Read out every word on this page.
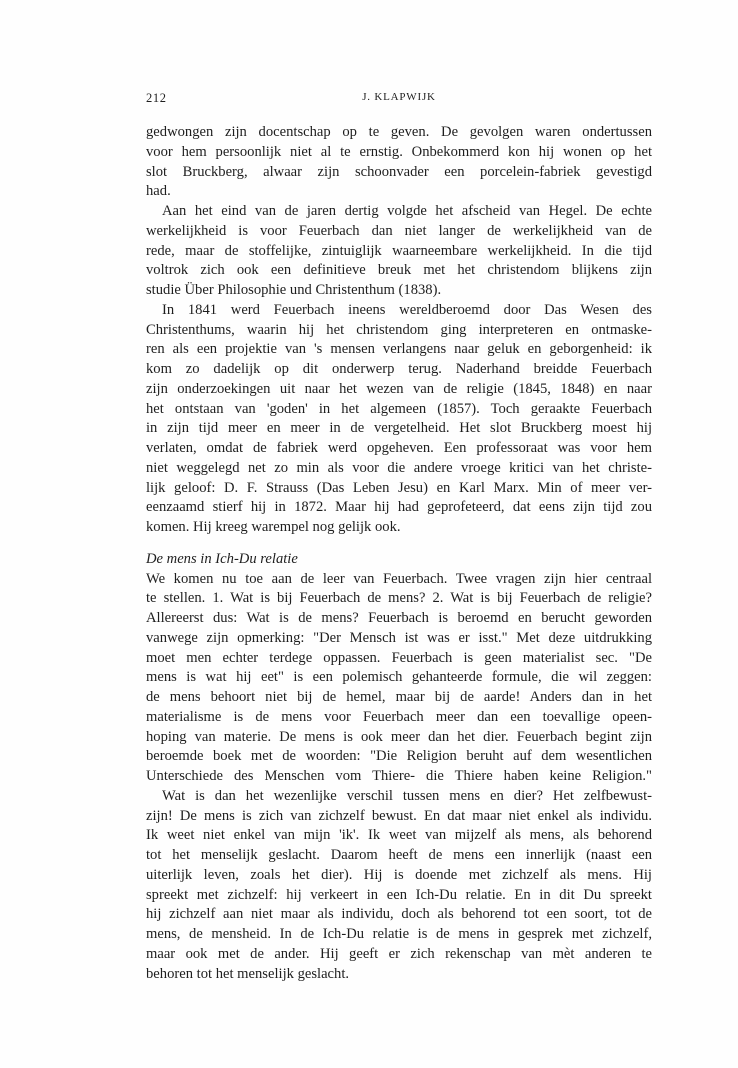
212	J. KLAPWIJK
gedwongen zijn docentschap op te geven. De gevolgen waren ondertussen
voor hem persoonlijk niet al te ernstig. Onbekommerd kon hij wonen op het
slot Bruckberg, alwaar zijn schoonvader een porcelein-fabriek gevestigd
had.
Aan het eind van de jaren dertig volgde het afscheid van Hegel. De echte
werkelijkheid is voor Feuerbach dan niet langer de werkelijkheid van de
rede, maar de stoffelijke, zintuiglijk waarneembare werkelijkheid. In die tijd
voltrok zich ook een definitieve breuk met het christendom blijkens zijn
studie Über Philosophie und Christenthum (1838).
In 1841 werd Feuerbach ineens wereldberoemd door Das Wesen des
Christenthums, waarin hij het christendom ging interpreteren en ontmaske-
ren als een projektie van 's mensen verlangens naar geluk en geborgenheid: ik
kom zo dadelijk op dit onderwerp terug. Naderhand breidde Feuerbach
zijn onderzoekingen uit naar het wezen van de religie (1845, 1848) en naar
het ontstaan van 'goden' in het algemeen (1857). Toch geraakte Feuerbach
in zijn tijd meer en meer in de vergetelheid. Het slot Bruckberg moest hij
verlaten, omdat de fabriek werd opgeheven. Een professoraat was voor hem
niet weggelegd net zo min als voor die andere vroege kritici van het christe-
lijk geloof: D. F. Strauss (Das Leben Jesu) en Karl Marx. Min of meer ver-
eenzaamd stierf hij in 1872. Maar hij had geprofeteerd, dat eens zijn tijd zou
komen. Hij kreeg warempel nog gelijk ook.
De mens in Ich-Du relatie
We komen nu toe aan de leer van Feuerbach. Twee vragen zijn hier centraal
te stellen. 1. Wat is bij Feuerbach de mens? 2. Wat is bij Feuerbach de religie?
Allereerst dus: Wat is de mens? Feuerbach is beroemd en berucht geworden
vanwege zijn opmerking: "Der Mensch ist was er isst." Met deze uitdrukking
moet men echter terdege oppassen. Feuerbach is geen materialist sec. "De
mens is wat hij eet" is een polemisch gehanteerde formule, die wil zeggen:
de mens behoort niet bij de hemel, maar bij de aarde! Anders dan in het
materialisme is de mens voor Feuerbach meer dan een toevallige opeen-
hoping van materie. De mens is ook meer dan het dier. Feuerbach begint zijn
beroemde boek met de woorden: "Die Religion beruht auf dem wesentlichen
Unterschiede des Menschen vom Thiere- die Thiere haben keine Religion."
Wat is dan het wezenlijke verschil tussen mens en dier? Het zelfbewust-
zijn! De mens is zich van zichzelf bewust. En dat maar niet enkel als individu.
Ik weet niet enkel van mijn 'ik'. Ik weet van mijzelf als mens, als behorend
tot het menselijk geslacht. Daarom heeft de mens een innerlijk (naast een
uiterlijk leven, zoals het dier). Hij is doende met zichzelf als mens. Hij
spreekt met zichzelf: hij verkeert in een Ich-Du relatie. En in dit Du spreekt
hij zichzelf aan niet maar als individu, doch als behorend tot een soort, tot de
mens, de mensheid. In de Ich-Du relatie is de mens in gesprek met zichzelf,
maar ook met de ander. Hij geeft er zich rekenschap van mèt anderen te
behoren tot het menselijk geslacht.
